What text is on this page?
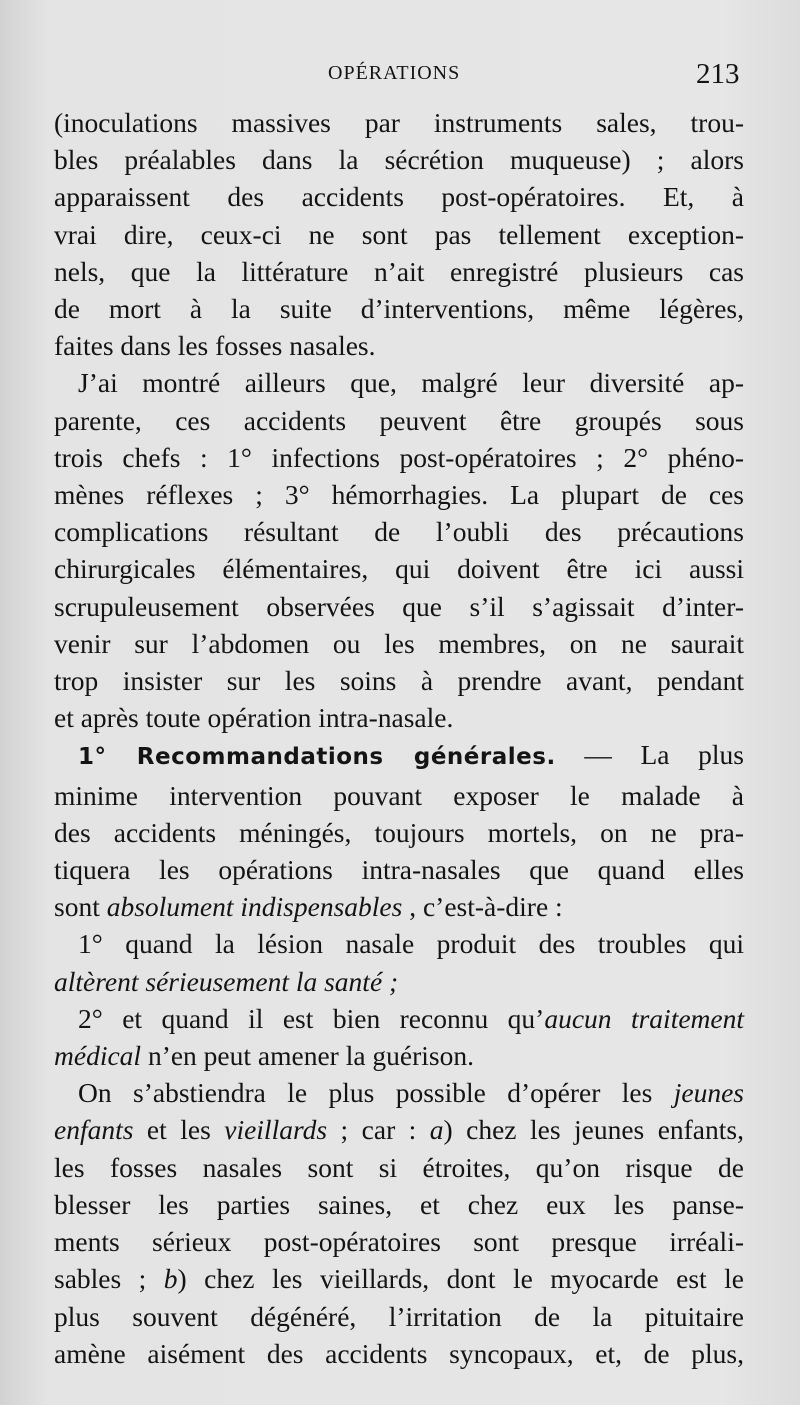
OPÉRATIONS	213

(inoculations massives par instruments sales, trou-

bles préalables dans la sécrétion muqueuse) ; alors

apparaissent des accidents post-opératoires. Et, à

vrai dire, ceux-ci ne sont pas tellement exception-

nels, que la littérature n’ait enregistré plusieurs cas

de mort à la suite d’interventions, même légères,

faites dans les fosses nasales.

J’ai montré ailleurs que, malgré leur diversité ap-

parente, ces accidents peuvent être groupés sous

trois chefs : 1° infections post-opératoires ; 2° phéno-

mènes réflexes ; 3° hémorrhagies. La plupart de ces

complications résultant de l’oubli des précautions

chirurgicales élémentaires, qui doivent être ici aussi

scrupuleusement observées que s’il s’agissait d’inter-

venir sur l’abdomen ou les membres, on ne saurait

trop insister sur les soins à prendre avant, pendant

et après toute opération intra-nasale.

1° Recommandations générales. — La plus

minime intervention pouvant exposer le malade à

des accidents méningés, toujours mortels, on ne pra-

tiquera les opérations intra-nasales que quand elles

sont absolument indispensables , c’est-à-dire :

1° quand la lésion nasale produit des troubles qui

altèrent sérieusement la santé ;

2° et quand il est bien reconnu qu’aucun traitement

médical n’en peut amener la guérison.

On s’abstiendra le plus possible d’opérer les jeunes

enfants et les vieillards ; car : a) chez les jeunes enfants,

les fosses nasales sont si étroites, qu’on risque de

blesser les parties saines, et chez eux les panse-

ments sérieux post-opératoires sont presque irréali-

sables ; b) chez les vieillards, dont le myocarde est le

plus souvent dégénéré, l’irritation de la pituitaire

amène aisément des accidents syncopaux, et, de plus,
